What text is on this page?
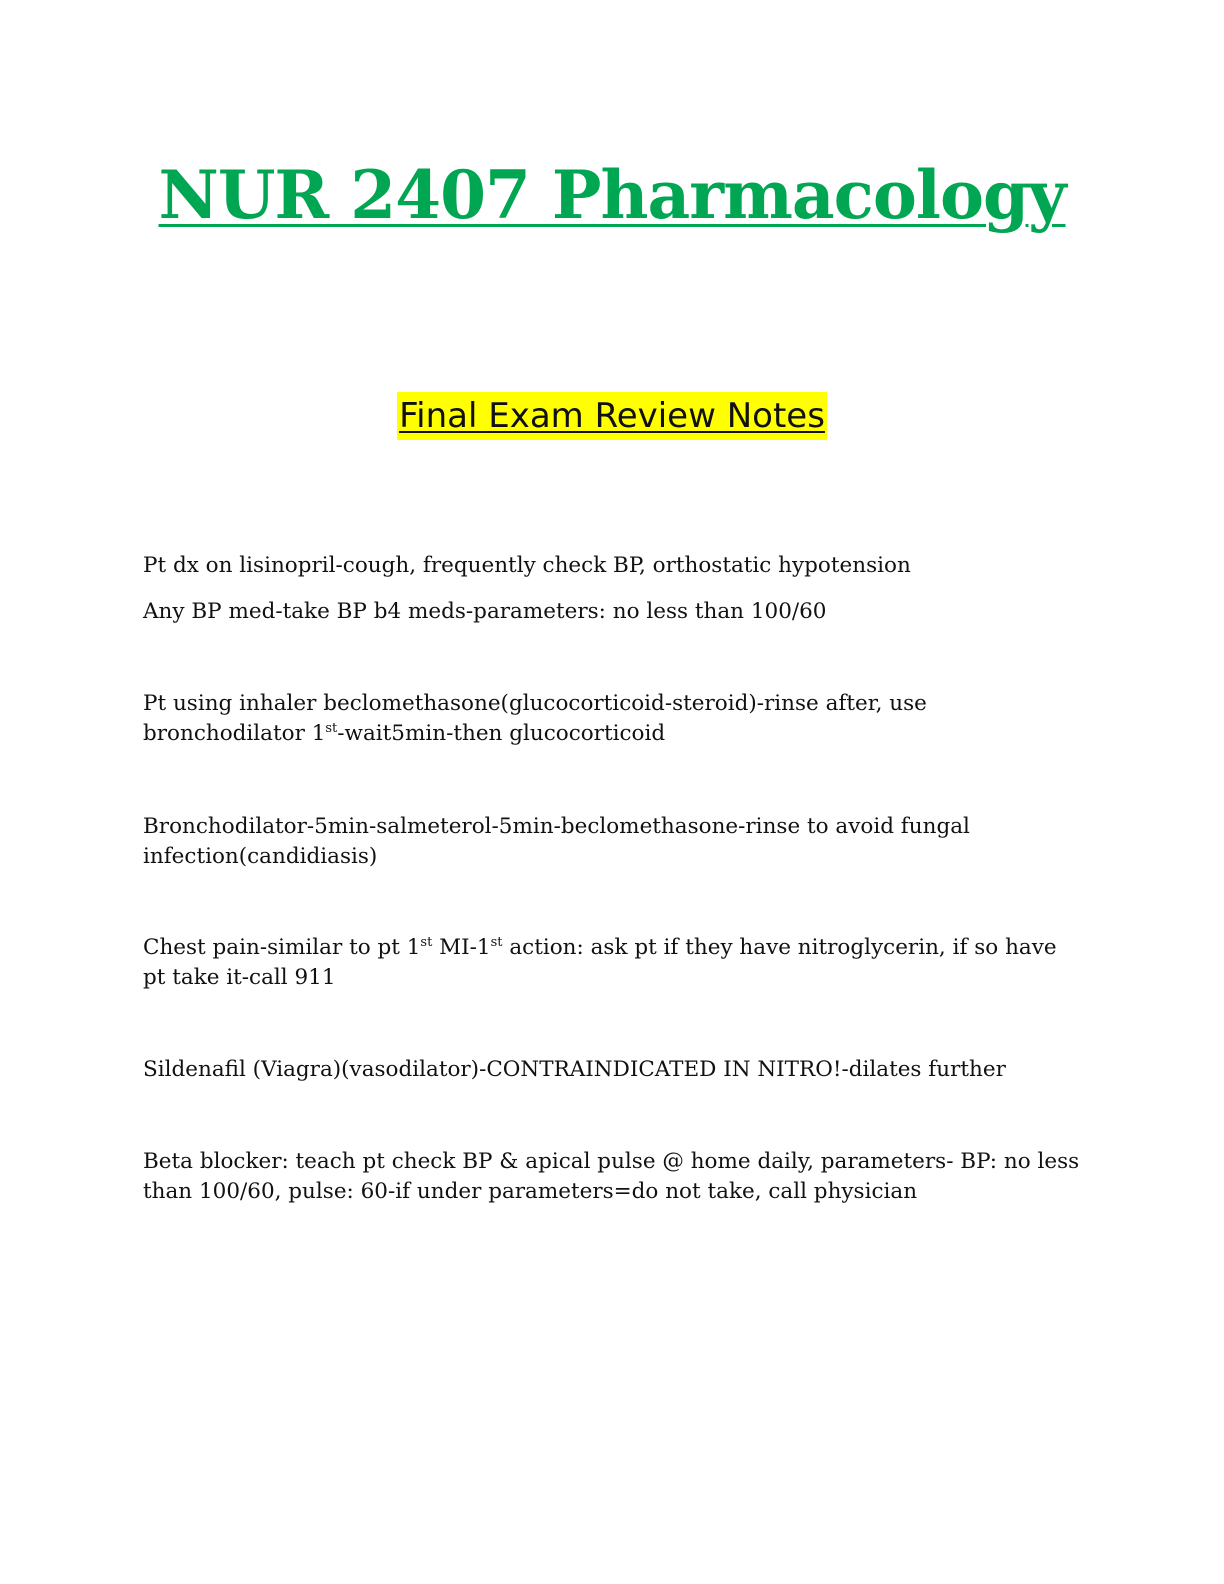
NUR 2407 Pharmacology
Final Exam Review Notes

Pt dx on lisinopril-cough, frequently check BP, orthostatic hypotension

Any BP med-take BP b4 meds-parameters: no less than 100/60

Pt using inhaler beclomethasone(glucocorticoid-steroid)-rinse after, use bronchodilator 1st-wait5min-then glucocorticoid

Bronchodilator-5min-salmeterol-5min-beclomethasone-rinse to avoid fungal infection(candidiasis)

Chest pain-similar to pt 1st MI-1st action: ask pt if they have nitroglycerin, if so have pt take it-call 911

Sildenafil (Viagra)(vasodilator)-CONTRAINDICATED IN NITRO!-dilates further

Beta blocker: teach pt check BP & apical pulse @ home daily, parameters- BP: no less than 100/60, pulse: 60-if under parameters=do not take, call physician
